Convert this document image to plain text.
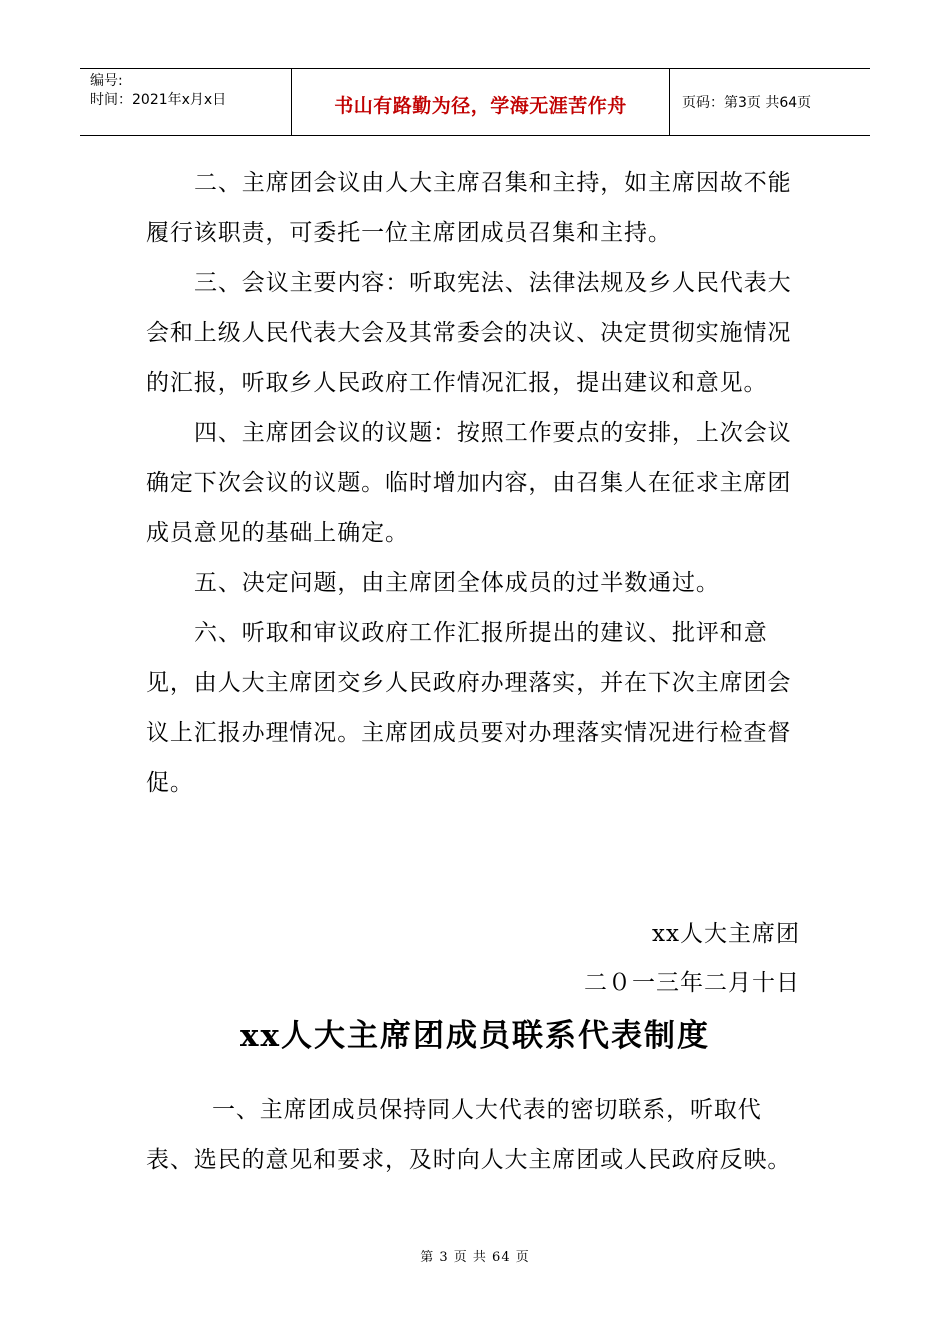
编号:
时间：2021年x月x日	书山有路勤为径，学海无涯苦作舟	页码：第3页 共64页

二、主席团会议由人大主席召集和主持，如主席因故不能履行该职责，可委托一位主席团成员召集和主持。

三、会议主要内容：听取宪法、法律法规及乡人民代表大会和上级人民代表大会及其常委会的决议、决定贯彻实施情况的汇报，听取乡人民政府工作情况汇报，提出建议和意见。

四、主席团会议的议题：按照工作要点的安排，上次会议确定下次会议的议题。临时增加内容，由召集人在征求主席团成员意见的基础上确定。

五、决定问题，由主席团全体成员的过半数通过。

六、听取和审议政府工作汇报所提出的建议、批评和意见，由人大主席团交乡人民政府办理落实，并在下次主席团会议上汇报办理情况。主席团成员要对办理落实情况进行检查督促。

xx人大主席团
二０一三年二月十日
xx人大主席团成员联系代表制度

一、主席团成员保持同人大代表的密切联系，听取代表、选民的意见和要求，及时向人大主席团或人民政府反映。

第 3 页 共 64 页
